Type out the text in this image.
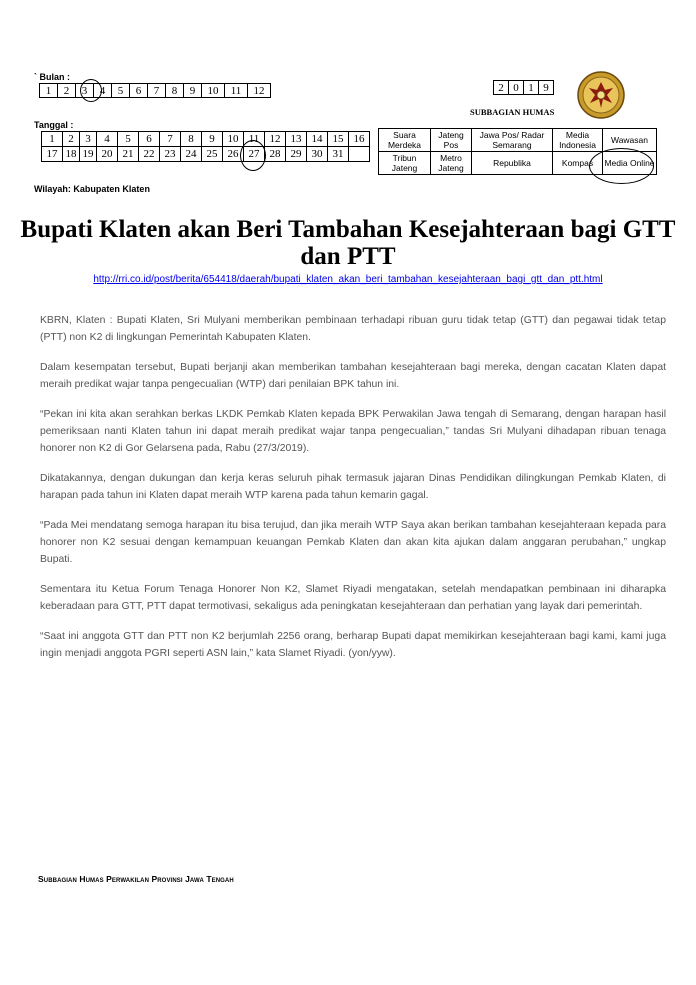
` Bulan :
1	2	3	4	5	6	7	8	9	10	11	12	2	0	1	9
SUBBAGIAN HUMAS
Tanggal :
1	2	3	4	5	6	7	8	9	10	11	12	13	14	15	16
17	18	19	20	21	22	23	24	25	26	27	28	29	30	31	
Suara Merdeka	Jateng Pos	Jawa Pos/ Radar Semarang	Media Indonesia	Wawasan
Tribun Jateng	Metro Jateng	Republika	Kompas	Media Online
Wilayah: Kabupaten Klaten
Bupati Klaten akan Beri Tambahan Kesejahteraan bagi GTT dan PTT
http://rri.co.id/post/berita/654418/daerah/bupati_klaten_akan_beri_tambahan_kesejahteraan_bagi_gtt_dan_ptt.html

KBRN, Klaten : Bupati Klaten, Sri Mulyani memberikan pembinaan terhadapi ribuan guru tidak tetap (GTT) dan pegawai tidak tetap (PTT) non K2 di lingkungan Pemerintah Kabupaten Klaten.

Dalam kesempatan tersebut, Bupati berjanji akan memberikan tambahan kesejahteraan bagi mereka, dengan cacatan Klaten dapat meraih predikat wajar tanpa pengecualian (WTP) dari penilaian BPK tahun ini.

“Pekan ini kita akan serahkan berkas LKDK Pemkab Klaten kepada BPK Perwakilan Jawa tengah di Semarang, dengan harapan hasil pemeriksaan nanti Klaten tahun ini dapat meraih predikat wajar tanpa pengecualian,” tandas Sri Mulyani dihadapan ribuan tenaga honorer non K2 di Gor Gelarsena pada, Rabu (27/3/2019).

Dikatakannya, dengan dukungan dan kerja keras seluruh pihak termasuk jajaran Dinas Pendidikan dilingkungan Pemkab Klaten, di harapan pada tahun ini Klaten dapat meraih WTP karena pada tahun kemarin gagal.

“Pada Mei mendatang semoga harapan itu bisa terujud, dan jika meraih WTP Saya akan berikan tambahan kesejahteraan kepada para honorer non K2 sesuai dengan kemampuan keuangan Pemkab Klaten dan akan kita ajukan dalam anggaran perubahan,” ungkap Bupati.

Sementara itu Ketua Forum Tenaga Honorer Non K2, Slamet Riyadi mengatakan, setelah mendapatkan pembinaan ini diharapka keberadaan para GTT, PTT dapat termotivasi, sekaligus ada peningkatan kesejahteraan dan perhatian yang layak dari pemerintah.

“Saat ini anggota GTT dan PTT non K2 berjumlah 2256 orang, berharap Bupati dapat memikirkan kesejahteraan bagi kami, kami juga ingin menjadi anggota PGRI seperti ASN lain,” kata Slamet Riyadi. (yon/yyw).

Subbagian Humas Perwakilan Provinsi Jawa Tengah
